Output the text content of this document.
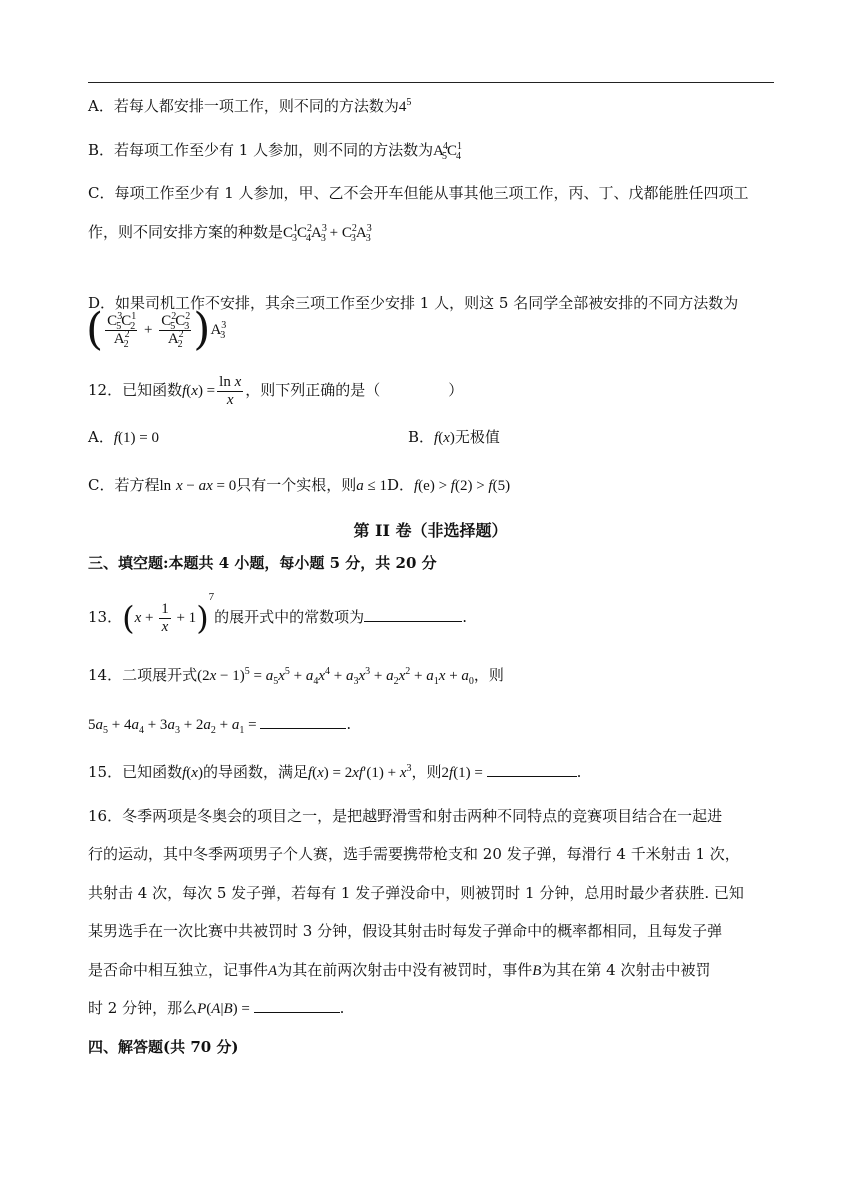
A．若每人都安排一项工作，则不同的方法数为$4^5$
B．若每项工作至少有 1 人参加，则不同的方法数为$A^4_5C^1_4$
C．每项工作至少有 1 人参加，甲、乙不会开车但能从事其他三项工作，丙、丁、戊都能胜任四项工
作，则不同安排方案的种数是$C^1_3C^2_4A^3_3 + C^2_3A^3_3$
D．如果司机工作不安排，其余三项工作至少安排 1 人，则这 5 名同学全部被安排的不同方法数为
( $\frac{C^3_5C^1_2}{A^2_2} + \frac{C^2_5C^2_3}{A^2_2} )A^3_3$
12．已知函数$f(x) = \frac{\text{ln x}}{x}$ ，则下列正确的是（	）
A．f(1) = 0	B．f(x)无极值
C．若方程ln x − ax = 0只有一个实根，则a ≤ 1D．f(e) > f(2) > f(5)
第 II 卷（非选择题）
三、填空题:本题共 4 小题，每小题 5 分，共 20 分
13．$(x + \frac{1}{x} + 1)^7$的展开式中的常数项为	.
14．二项展开式$(2x - 1)^5 = a_5x^5 + a_4x^4 + a_3x^3 + a_2x^2 + a_1x + a_0$，则
$5a_5 + 4a_4 + 3a_3 + 2a_2 + a_1$ =	.
15．已知函数f(x)的导函数，满足$f(x) = 2xf'(1) + x^3$，则2f(1) =	.
16．冬季两项是冬奥会的项目之一，是把越野滑雪和射击两种不同特点的竞赛项目结合在一起进
行的运动，其中冬季两项男子个人赛，选手需要携带枪支和 20 发子弹，每滑行 4 千米射击 1 次，
共射击 4 次，每次 5 发子弹，若每有 1 发子弹没命中，则被罚时 1 分钟，总用时最少者获胜. 已知
某男选手在一次比赛中共被罚时 3 分钟，假设其射击时每发子弹命中的概率都相同，且每发子弹
是否命中相互独立，记事件A为其在前两次射击中没有被罚时，事件B为其在第 4 次射击中被罚
时 2 分钟，那么P(A|B) =	.
四、解答题(共 70 分)
